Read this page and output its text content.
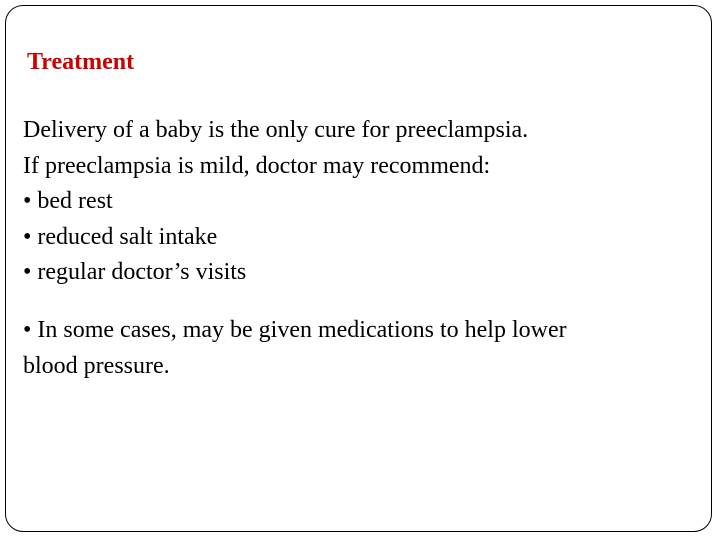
Treatment
Delivery of a baby is the only cure for preeclampsia.
If preeclampsia is mild, doctor may recommend:
• bed rest
• reduced salt intake
• regular doctor’s visits
• In some cases, may be given medications to help lower
blood pressure.
